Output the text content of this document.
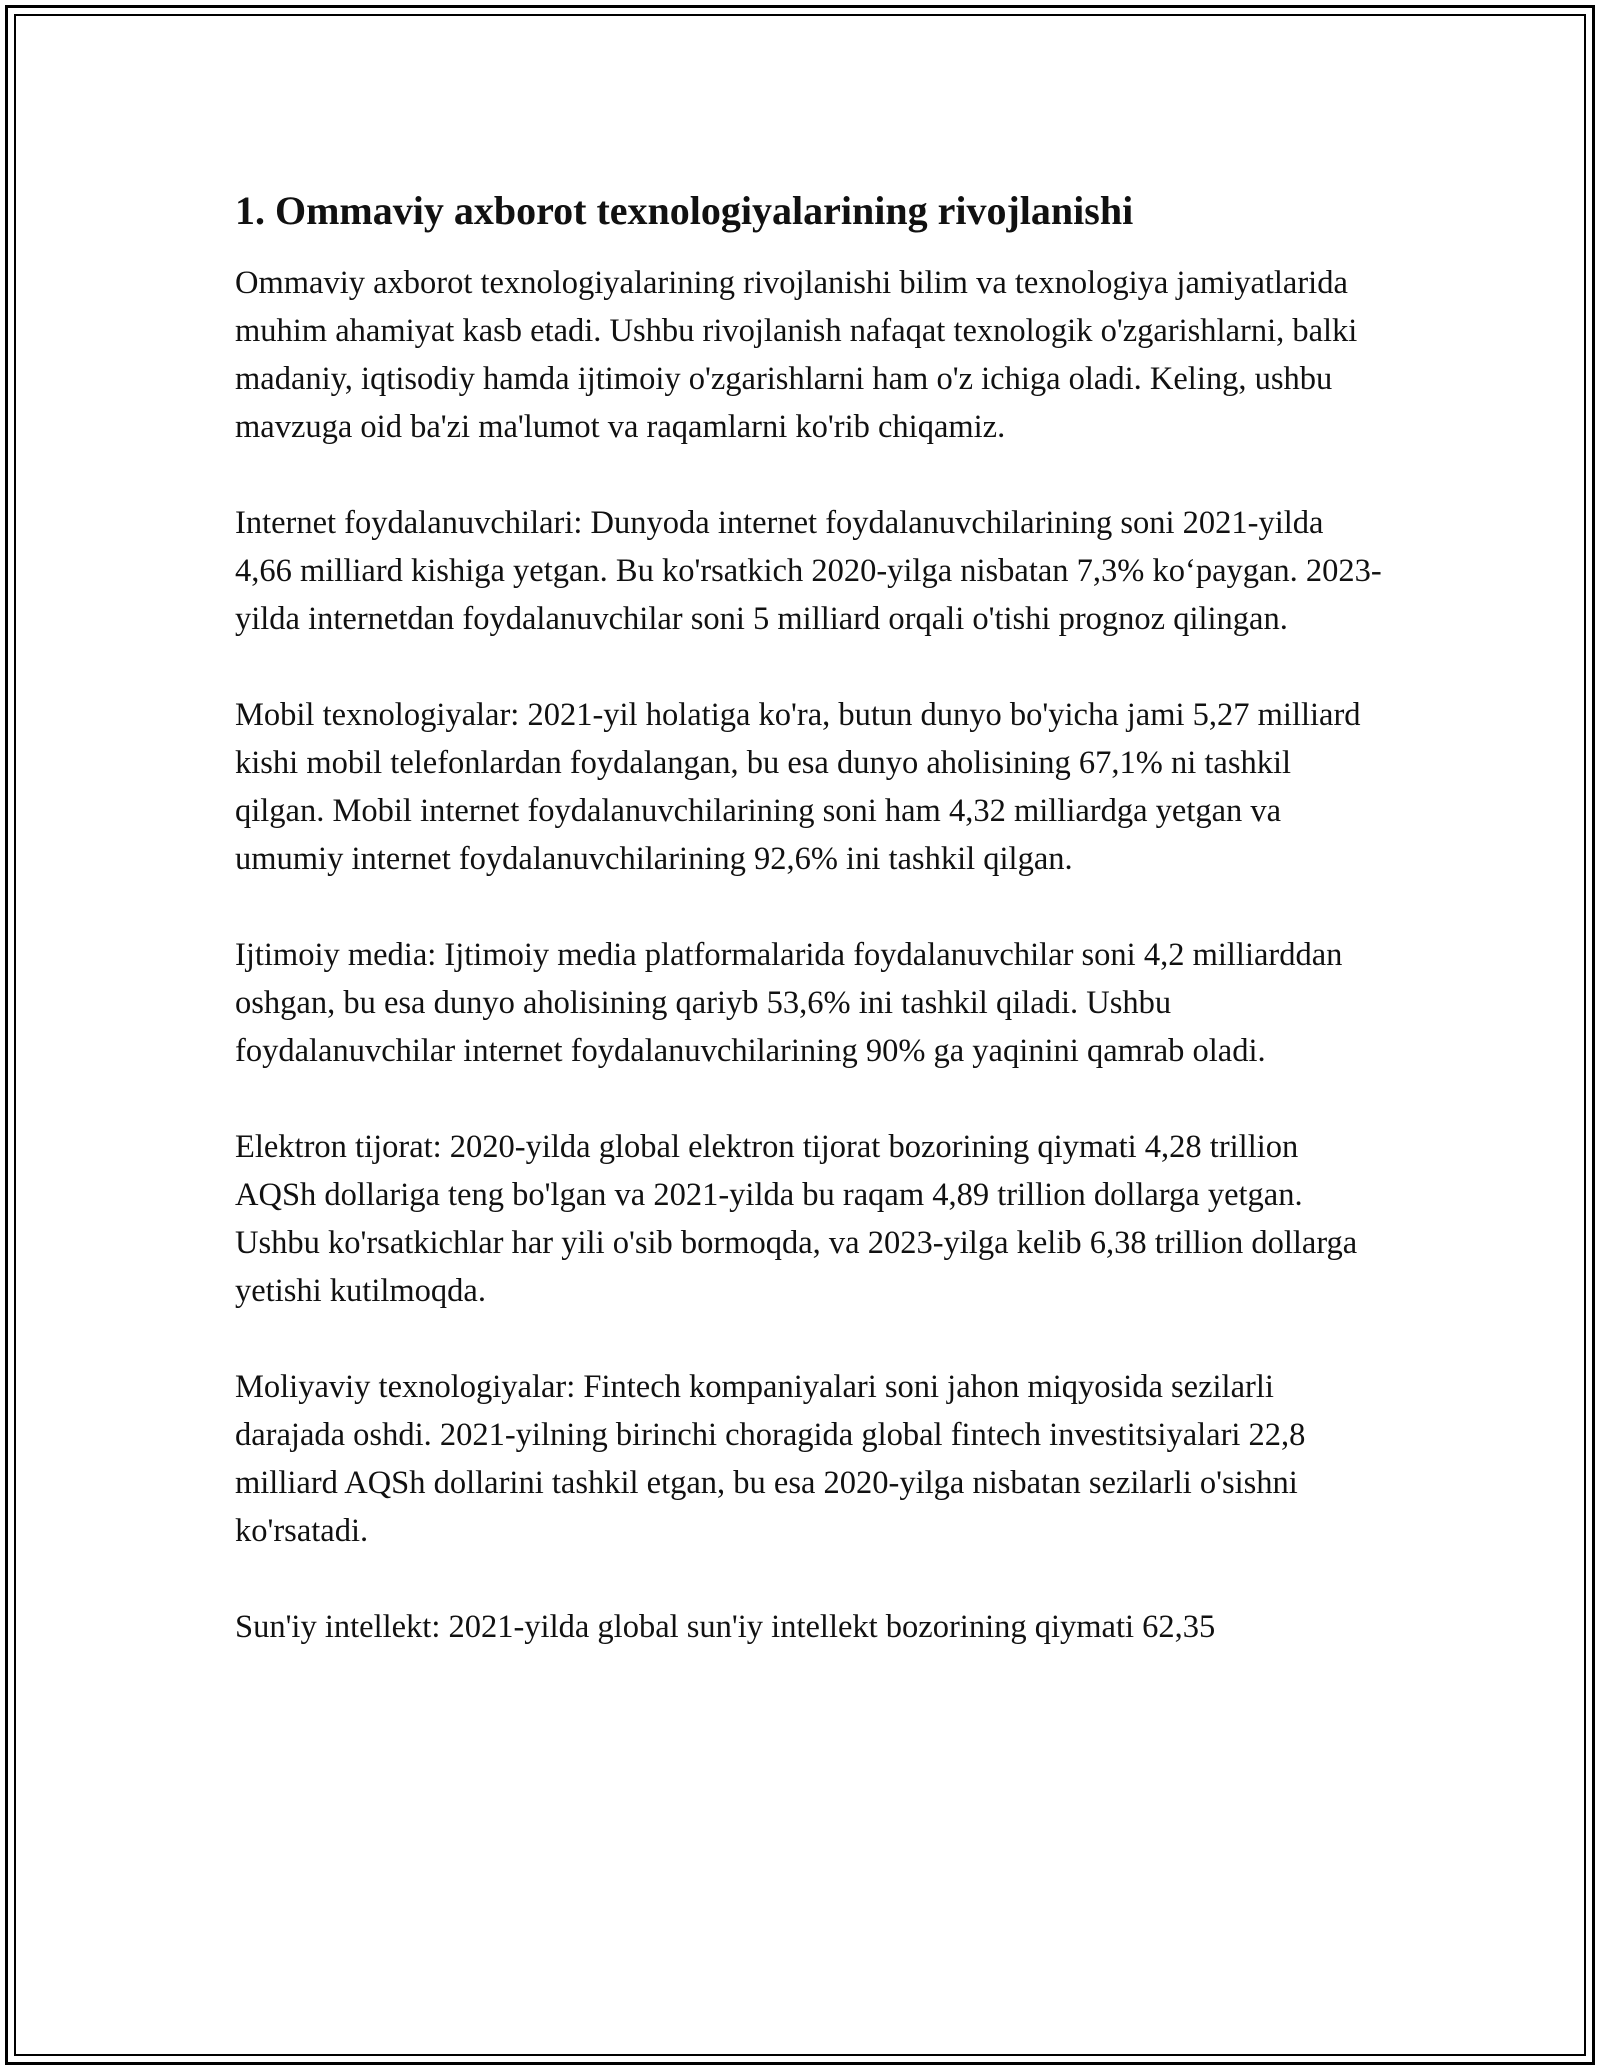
1. Ommaviy axborot texnologiyalarining rivojlanishi

Ommaviy axborot texnologiyalarining rivojlanishi bilim va texnologiya jamiyatlarida muhim ahamiyat kasb etadi. Ushbu rivojlanish nafaqat texnologik o'zgarishlarni, balki madaniy, iqtisodiy hamda ijtimoiy o'zgarishlarni ham o'z ichiga oladi. Keling, ushbu mavzuga oid ba'zi ma'lumot va raqamlarni ko'rib chiqamiz.

Internet foydalanuvchilari: Dunyoda internet foydalanuvchilarining soni 2021-yilda 4,66 milliard kishiga yetgan. Bu ko'rsatkich 2020-yilga nisbatan 7,3% ko‘paygan. 2023-yilda internetdan foydalanuvchilar soni 5 milliard orqali o'tishi prognoz qilingan.

Mobil texnologiyalar: 2021-yil holatiga ko'ra, butun dunyo bo'yicha jami 5,27 milliard kishi mobil telefonlardan foydalangan, bu esa dunyo aholisining 67,1% ni tashkil qilgan. Mobil internet foydalanuvchilarining soni ham 4,32 milliardga yetgan va umumiy internet foydalanuvchilarining 92,6% ini tashkil qilgan.

Ijtimoiy media: Ijtimoiy media platformalarida foydalanuvchilar soni 4,2 milliarddan oshgan, bu esa dunyo aholisining qariyb 53,6% ini tashkil qiladi. Ushbu foydalanuvchilar internet foydalanuvchilarining 90% ga yaqinini qamrab oladi.

Elektron tijorat: 2020-yilda global elektron tijorat bozorining qiymati 4,28 trillion AQSh dollariga teng bo'lgan va 2021-yilda bu raqam 4,89 trillion dollarga yetgan. Ushbu ko'rsatkichlar har yili o'sib bormoqda, va 2023-yilga kelib 6,38 trillion dollarga yetishi kutilmoqda.

Moliyaviy texnologiyalar: Fintech kompaniyalari soni jahon miqyosida sezilarli darajada oshdi. 2021-yilning birinchi choragida global fintech investitsiyalari 22,8 milliard AQSh dollarini tashkil etgan, bu esa 2020-yilga nisbatan sezilarli o'sishni ko'rsatadi.

Sun'iy intellekt: 2021-yilda global sun'iy intellekt bozorining qiymati 62,35
